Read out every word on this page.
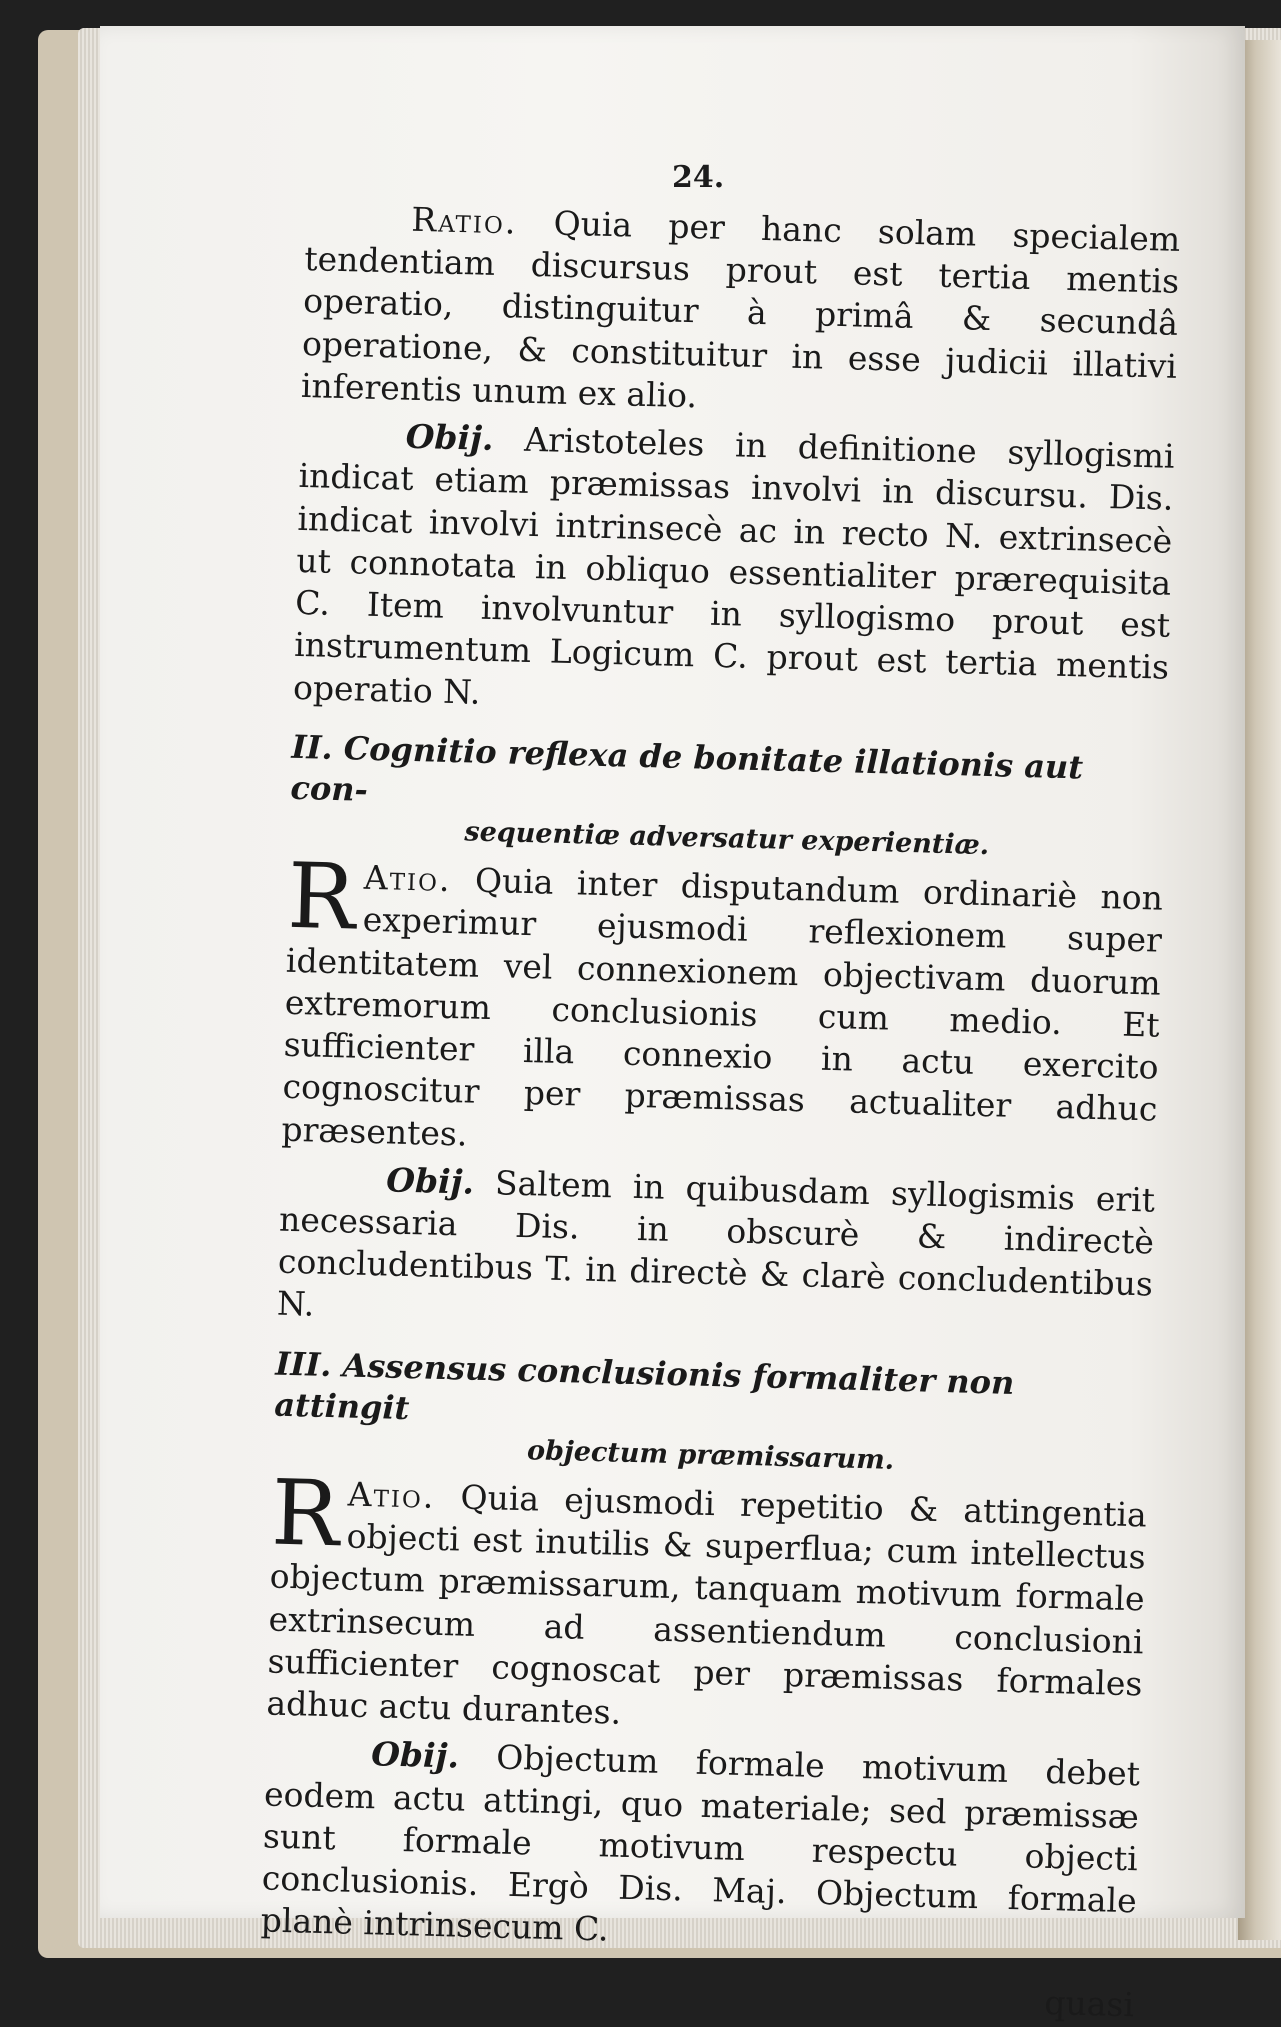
24.

Ratio. Quia per hanc solam specialem tendentiam discursus prout est tertia mentis operatio, distinguitur à primâ & secundâ operatione, & constituitur in esse judicii illativi inferentis unum ex alio.

Obij. Aristoteles in definitione syllogismi indicat etiam præmissas involvi in discursu. Dis. indicat involvi intrinsecè ac in recto N. extrinsecè ut connotata in obliquo essentialiter prærequisita C. Item involvuntur in syllogismo prout est instrumentum Logicum C. prout est tertia mentis operatio N.

II. Cognitio reflexa de bonitate illationis aut con-
sequentiæ adversatur experientiæ.

R Atio. Quia inter disputandum ordinariè non experimur ejusmodi reflexionem super identitatem vel connexionem objectivam duorum extremorum conclusionis cum medio. Et sufficienter illa connexio in actu exercito cognoscitur per præmissas actualiter adhuc præsentes.

Obij. Saltem in quibusdam syllogismis erit necessaria Dis. in obscurè & indirectè concludentibus T. in directè & clarè concludentibus N.

III. Assensus conclusionis formaliter non attingit
objectum præmissarum.

R Atio. Quia ejusmodi repetitio & attingentia objecti est inutilis & superflua; cum intellectus objectum præmissarum, tanquam motivum formale extrinsecum ad assentiendum conclusioni sufficienter cognoscat per præmissas formales adhuc actu durantes.

Obij. Objectum formale motivum debet eodem actu attingi, quo materiale; sed præmissæ sunt formale motivum respectu objecti conclusionis. Ergò Dis. Maj. Objectum formale planè intrinsecum C.

quasi
